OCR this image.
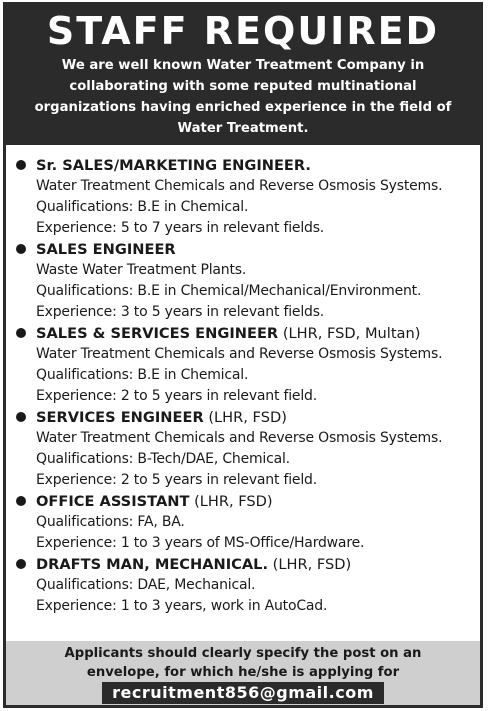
STAFF REQUIRED
We are well known Water Treatment Company in collaborating with some reputed multinational organizations having enriched experience in the field of Water Treatment.
Sr. SALES/MARKETING ENGINEER.
Water Treatment Chemicals and Reverse Osmosis Systems.
Qualifications: B.E in Chemical.
Experience: 5 to 7 years in relevant fields.
SALES ENGINEER
Waste Water Treatment Plants.
Qualifications: B.E in Chemical/Mechanical/Environment.
Experience: 3 to 5 years in relevant fields.
SALES & SERVICES ENGINEER (LHR, FSD, Multan)
Water Treatment Chemicals and Reverse Osmosis Systems.
Qualifications: B.E in Chemical.
Experience: 2 to 5 years in relevant field.
SERVICES ENGINEER (LHR, FSD)
Water Treatment Chemicals and Reverse Osmosis Systems.
Qualifications: B-Tech/DAE, Chemical.
Experience: 2 to 5 years in relevant field.
OFFICE ASSISTANT (LHR, FSD)
Qualifications: FA, BA.
Experience: 1 to 3 years of MS-Office/Hardware.
DRAFTS MAN, MECHANICAL. (LHR, FSD)
Qualifications: DAE, Mechanical.
Experience: 1 to 3 years, work in AutoCad.
Applicants should clearly specify the post on an
envelope, for which he/she is applying for
recruitment856@gmail.com
